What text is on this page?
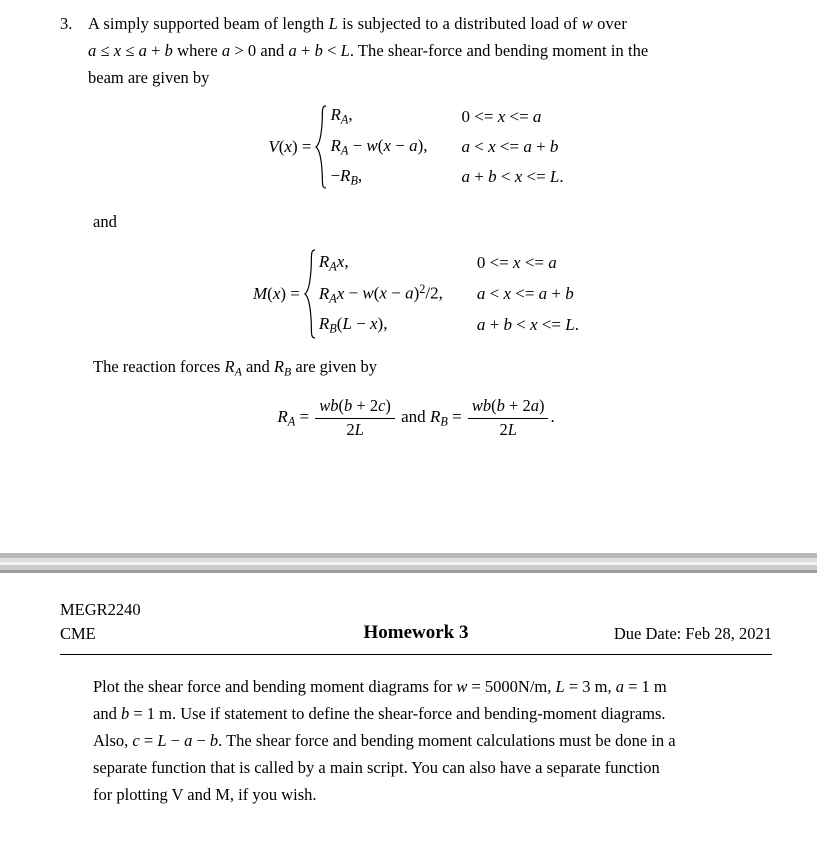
3. A simply supported beam of length L is subjected to a distributed load of w over
a ≤ x ≤ a + b where a > 0 and a + b < L. The shear-force and bending moment in the
beam are given by
V(x) =
$R_A$,	0 <= x <= a
$R_A - w(x - a)$, a < x <= a + b
$-R_B$,	a + b < x <= L.
and
M(x) =
$R_Ax$,	0 <= x <= a
$R_Ax - w(x - a)^2/2$, a < x <= a + b
$R_B(L - x)$,	a + b < x <= L.
The reaction forces $R_A$ and $R_B$ are given by
$R_A = \frac{wb(b + 2c)}{2L}$ and $R_B = \frac{wb(b + 2a)}{2L}$ .
MEGR2240
CME	Homework 3	Due Date: Feb 28, 2021
Plot the shear force and bending moment diagrams for w = 5000N/m, L = 3 m, a = 1 m
and b = 1 m. Use if statement to define the shear-force and bending-moment diagrams.
Also, c = L − a − b. The shear force and bending moment calculations must be done in a
separate function that is called by a main script. You can also have a separate function
for plotting V and M, if you wish.
